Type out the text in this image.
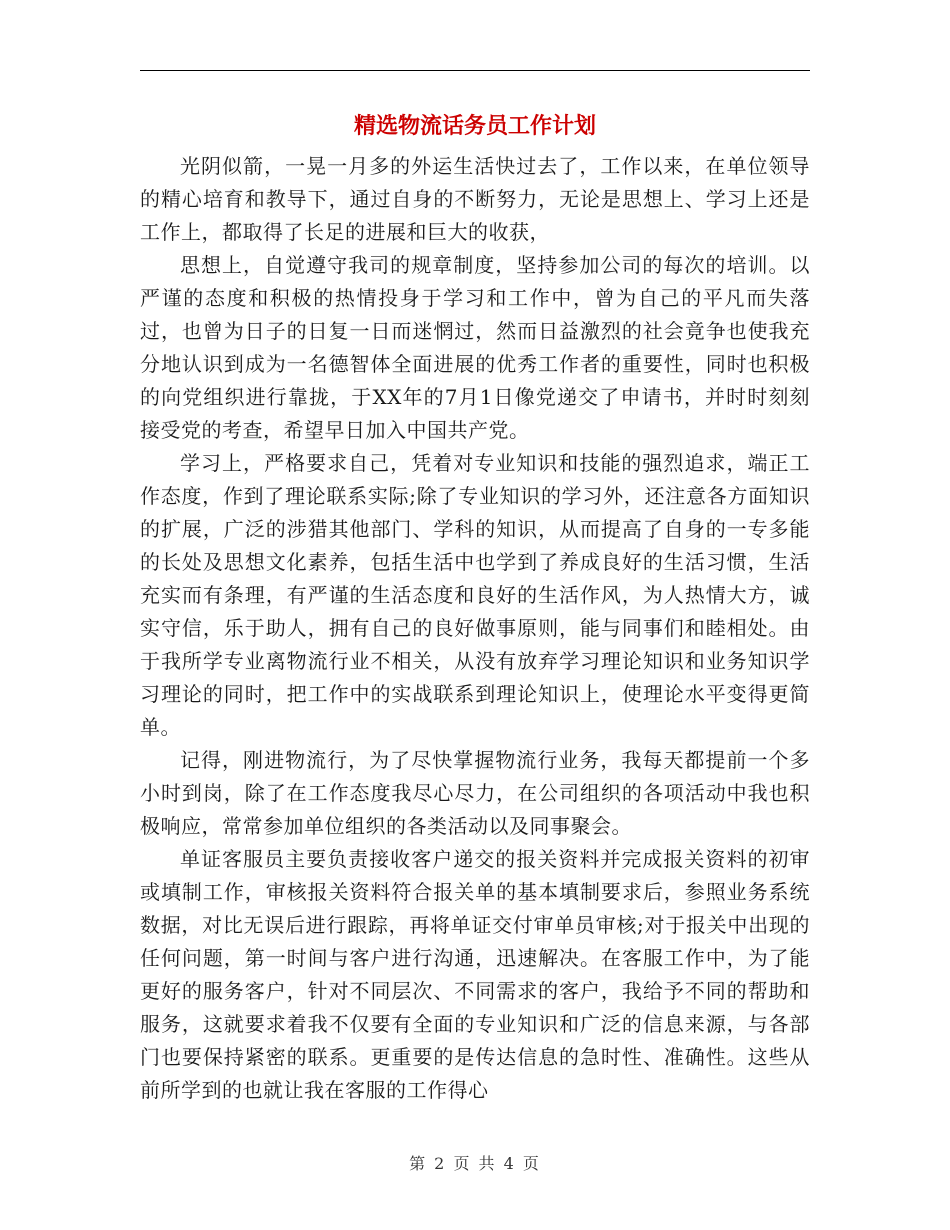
精选物流话务员工作计划

光阴似箭，一晃一月多的外运生活快过去了，工作以来，在单位领导的精心培育和教导下，通过自身的不断努力，无论是思想上、学习上还是工作上，都取得了长足的进展和巨大的收获，

思想上，自觉遵守我司的规章制度，坚持参加公司的每次的培训。以严谨的态度和积极的热情投身于学习和工作中，曾为自己的平凡而失落过，也曾为日子的日复一日而迷惘过，然而日益激烈的社会竟争也使我充分地认识到成为一名德智体全面进展的优秀工作者的重要性，同时也积极的向党组织进行靠拢，于XX年的7月1日像党递交了申请书，并时时刻刻接受党的考查，希望早日加入中国共产党。

学习上，严格要求自己，凭着对专业知识和技能的强烈追求，端正工作态度，作到了理论联系实际;除了专业知识的学习外，还注意各方面知识的扩展，广泛的涉猎其他部门、学科的知识，从而提高了自身的一专多能的长处及思想文化素养，包括生活中也学到了养成良好的生活习惯，生活充实而有条理，有严谨的生活态度和良好的生活作风，为人热情大方，诚实守信，乐于助人，拥有自己的良好做事原则，能与同事们和睦相处。由于我所学专业离物流行业不相关，从没有放弃学习理论知识和业务知识学习理论的同时，把工作中的实战联系到理论知识上，使理论水平变得更简单。

记得，刚进物流行，为了尽快掌握物流行业务，我每天都提前一个多小时到岗，除了在工作态度我尽心尽力，在公司组织的各项活动中我也积极响应，常常参加单位组织的各类活动以及同事聚会。

单证客服员主要负责接收客户递交的报关资料并完成报关资料的初审或填制工作，审核报关资料符合报关单的基本填制要求后，参照业务系统数据，对比无误后进行跟踪，再将单证交付审单员审核;对于报关中出现的任何问题，第一时间与客户进行沟通，迅速解决。在客服工作中，为了能更好的服务客户，针对不同层次、不同需求的客户，我给予不同的帮助和服务，这就要求着我不仅要有全面的专业知识和广泛的信息来源，与各部门也要保持紧密的联系。更重要的是传达信息的急时性、准确性。这些从前所学到的也就让我在客服的工作得心

第 2 页 共 4 页
